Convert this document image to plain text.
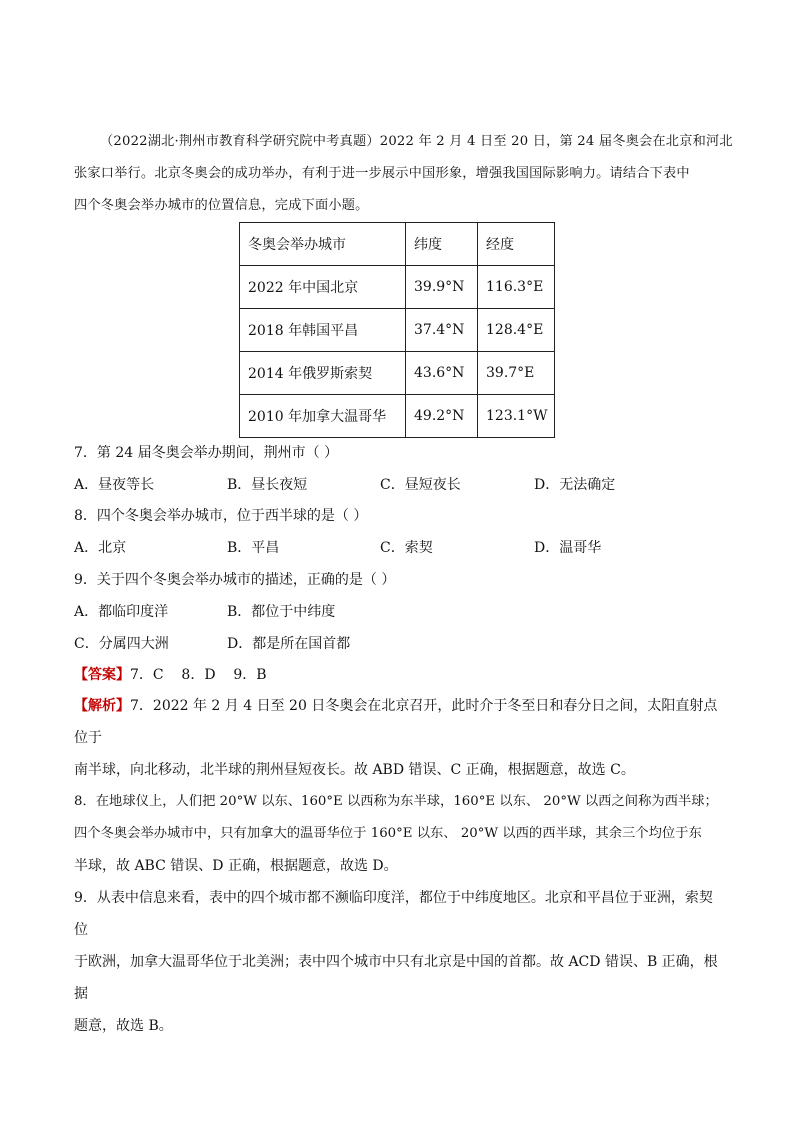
（2022湖北·荆州市教育科学研究院中考真题）2022 年 2 月 4 日至 20 日，第 24 届冬奥会在北京和河北
张家口举行。北京冬奥会的成功举办，有利于进一步展示中国形象，增强我国国际影响力。请结合下表中
四个冬奥会举办城市的位置信息，完成下面小题。
冬奥会举办城市	纬度	经度
2022 年中国北京	39.9°N	116.3°E
2018 年韩国平昌	37.4°N	128.4°E
2014 年俄罗斯索契	43.6°N	39.7°E
2010 年加拿大温哥华	49.2°N	123.1°W
7．第 24 届冬奥会举办期间，荆州市（ ）
A．昼夜等长	B．昼长夜短	C．昼短夜长	D．无法确定
8．四个冬奥会举办城市，位于西半球的是（ ）
A．北京	B．平昌	C．索契	D．温哥华
9．关于四个冬奥会举办城市的描述，正确的是（ ）
A．都临印度洋	B．都位于中纬度
C．分属四大洲	D．都是所在国首都
【答案】7．C    8．D    9．B

【解析】7．2022 年 2 月 4 日至 20 日冬奥会在北京召开，此时介于冬至日和春分日之间，太阳直射点位于

南半球，向北移动，北半球的荆州昼短夜长。故 ABD 错误、C 正确，根据题意，故选 C。

8．在地球仪上，人们把 20°W 以东、160°E 以西称为东半球，160°E 以东、 20°W 以西之间称为西半球；

四个冬奥会举办城市中，只有加拿大的温哥华位于 160°E 以东、 20°W 以西的西半球，其余三个均位于东

半球，故 ABC 错误、D 正确，根据题意，故选 D。

9．从表中信息来看，表中的四个城市都不濒临印度洋，都位于中纬度地区。北京和平昌位于亚洲，索契位

于欧洲，加拿大温哥华位于北美洲；表中四个城市中只有北京是中国的首都。故 ACD 错误、B 正确，根据

题意，故选 B。
